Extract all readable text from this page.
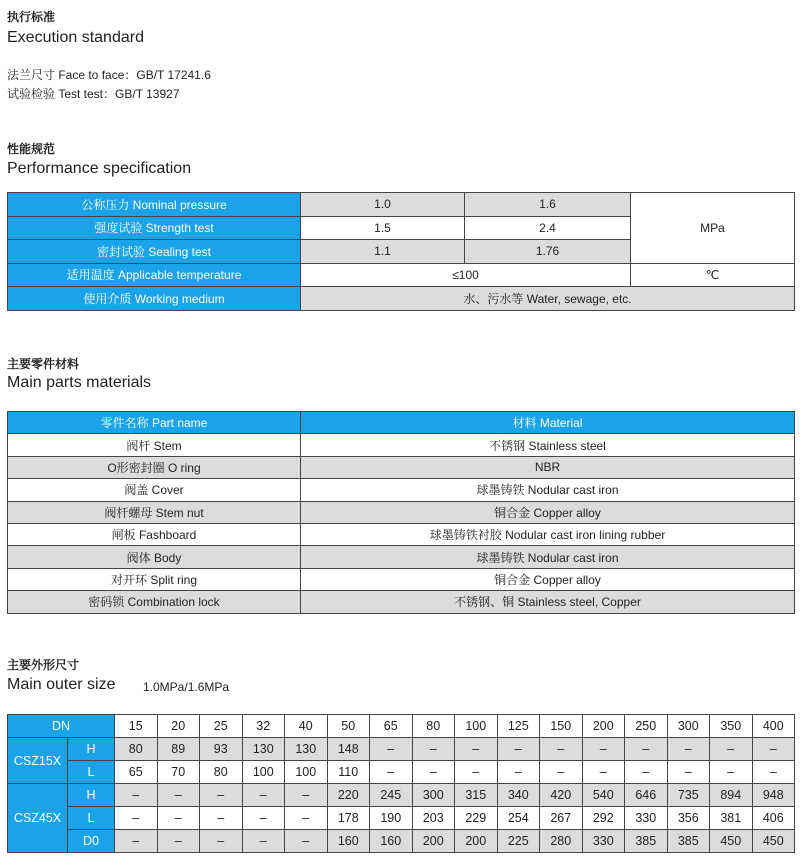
执行标准
Execution standard
法兰尺寸 Face to face：GB/T 17241.6
试验检验 Test test：GB/T 13927
性能规范
Performance specification
公称压力 Nominal pressure	1.0	1.6	MPa
强度试验 Strength test	1.5	2.4	
密封试验 Sealing test	1.1	1.76	
适用温度 Applicable temperature	≤100		℃
使用介质 Working medium	水、污水等 Water, sewage, etc.		
主要零件材料
Main parts materials
零件名称 Part name	材料 Material
阀杆 Stem	不锈钢 Stainless steel
O形密封圈 O ring	NBR
阀盖 Cover	球墨铸铁 Nodular cast iron
阀杆螺母 Stem nut	铜合金 Copper alloy
闸板 Fashboard	球墨铸铁衬胶 Nodular cast iron lining rubber
阀体 Body	球墨铸铁 Nodular cast iron
对开环 Split ring	铜合金 Copper alloy
密码锁 Combination lock	不锈钢、铜 Stainless steel, Copper
主要外形尺寸
Main outer size 1.0MPa/1.6MPa
DN		15	20	25	32	40	50	65	80	100	125	150	200	250	300	350	400
CSZ15X	H	80	89	93	130	130	148	–	–	–	–	–	–	–	–	–	–
	L	65	70	80	100	100	110	–	–	–	–	–	–	–	–	–	–
CSZ45X	H	–	–	–	–	–	220	245	300	315	340	420	540	646	735	894	948
	L	–	–	–	–	–	178	190	203	229	254	267	292	330	356	381	406
	D0	–	–	–	–	–	160	160	200	200	225	280	330	385	385	450	450
